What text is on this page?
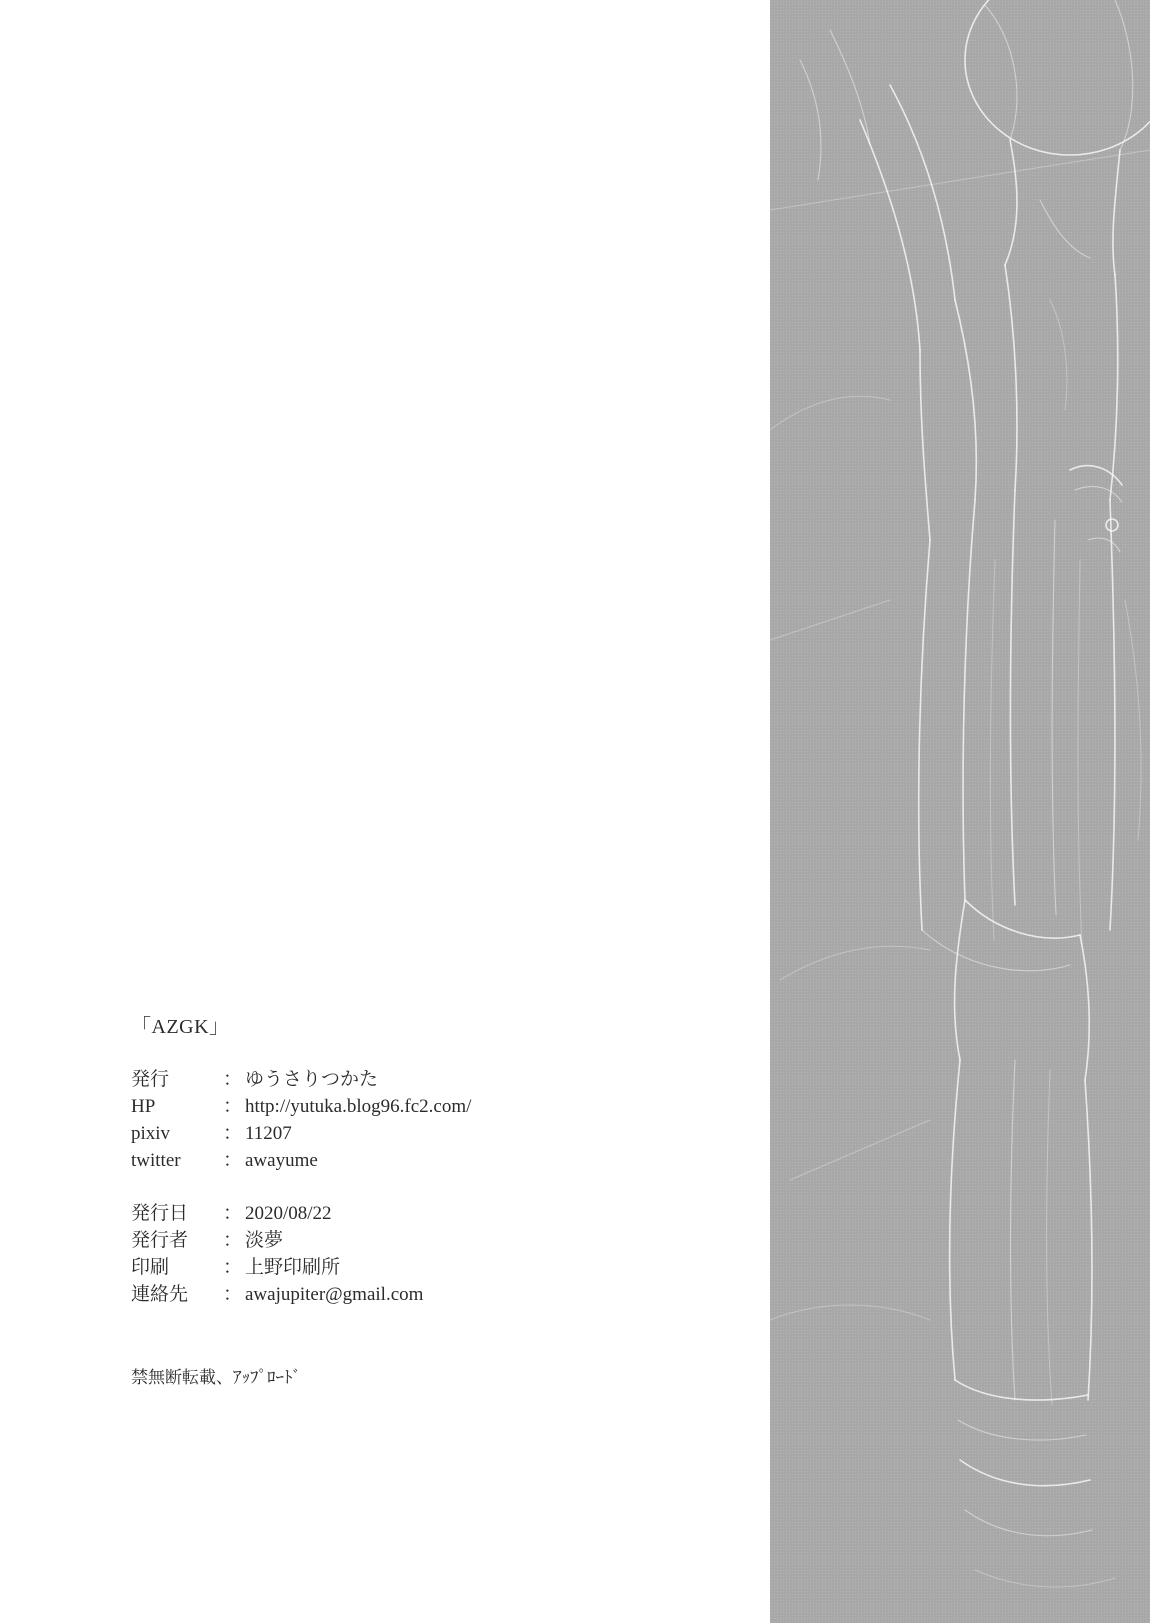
「AZGK」
発行	：	ゆうさりつかた
HP	：	http://yutuka.blog96.fc2.com/
pixiv	：	11207
twitter	：	awayume
発行日	：	2020/08/22
発行者	：	淡夢
印刷	：	上野印刷所
連絡先	：	awajupiter@gmail.com
禁無断転載、ｱｯﾌﾟﾛｰﾄﾞ
